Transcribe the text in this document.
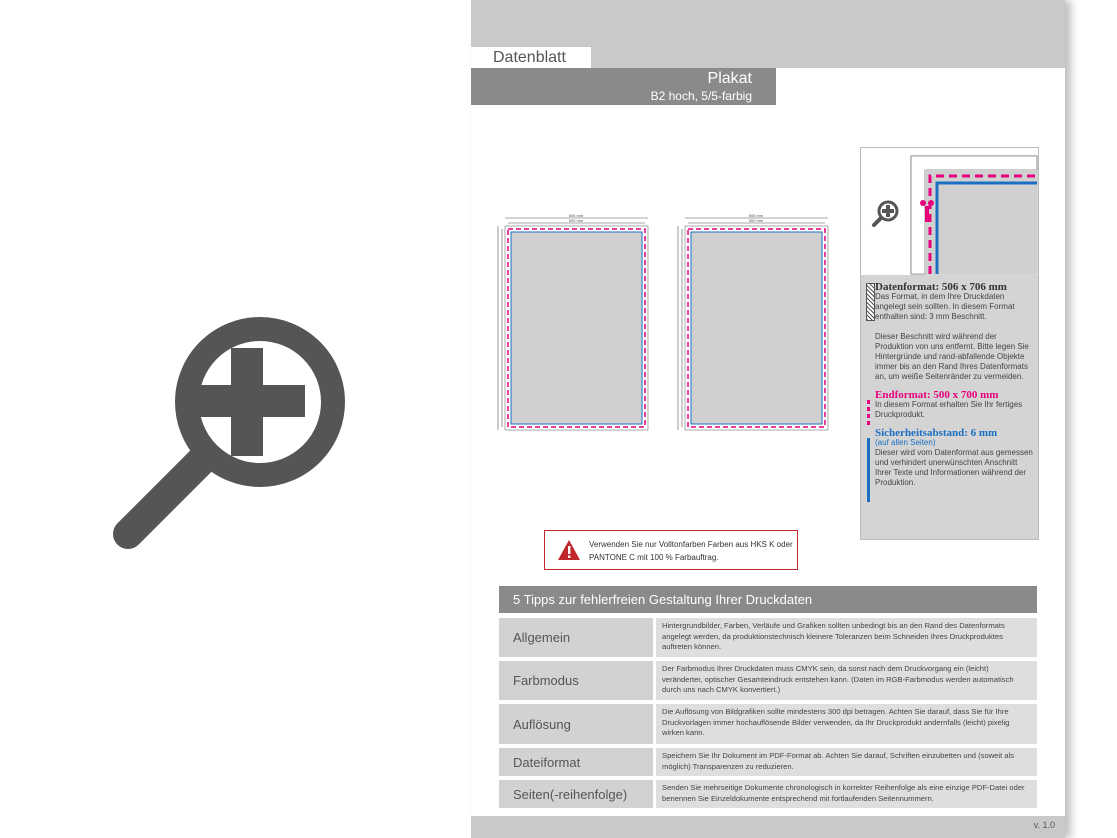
Datenblatt
Plakat
B2 hoch, 5/5-farbig
506 mm
500 mm
506 mm
500 mm
Datenformat: 506 x 706 mm

Das Format, in dem Ihre Druckdaten angelegt sein sollten. In diesem Format enthalten sind: 3 mm Beschnitt.

Dieser Beschnitt wird während der Produktion von uns entfernt. Bitte legen Sie Hintergründe und rand-abfallende Objekte immer bis an den Rand Ihres Datenformats an, um weiße Seitenränder zu vermeiden.

Endformat: 500 x 700 mm

In diesem Format erhalten Sie Ihr fertiges Druckprodukt.

Sicherheitsabstand: 6 mm

(auf allen Seiten)

Dieser wird vom Datenformat aus gemessen und verhindert unerwünschten Anschnitt Ihrer Texte und Informationen während der Produktion.

Verwenden Sie nur Volltonfarben Farben aus HKS K oder PANTONE C mit 100 % Farbauftrag.
5 Tipps zur fehlerfreien Gestaltung Ihrer Druckdaten
Allgemein
Hintergrundbilder, Farben, Verläufe und Grafiken sollten unbedingt bis an den Rand des Datenformats angelegt werden, da produktionstechnisch kleinere Toleranzen beim Schneiden Ihres Druckproduktes auftreten können.
Farbmodus
Der Farbmodus Ihrer Druckdaten muss CMYK sein, da sonst nach dem Druckvorgang ein (leicht) veränderter, optischer Gesamteindruck entstehen kann. (Daten im RGB-Farbmodus werden automatisch durch uns nach CMYK konvertiert.)
Auflösung
Die Auflösung von Bildgrafiken sollte mindestens 300 dpi betragen. Achten Sie darauf, dass Sie für Ihre Druckvorlagen immer hochauflösende Bilder verwenden, da Ihr Druckprodukt andernfalls (leicht) pixelig wirken kann.
Dateiformat	Speichern Sie Ihr Dokument im PDF-Format ab. Achten Sie darauf, Schriften einzubetten und (soweit als möglich) Transparenzen zu reduzieren.
Seiten(-reihenfolge)	Senden Sie mehrseitige Dokumente chronologisch in korrekter Reihenfolge als eine einzige PDF-Datei oder benennen Sie Einzeldokumente entsprechend mit fortlaufenden Seitennummern.
v. 1.0
